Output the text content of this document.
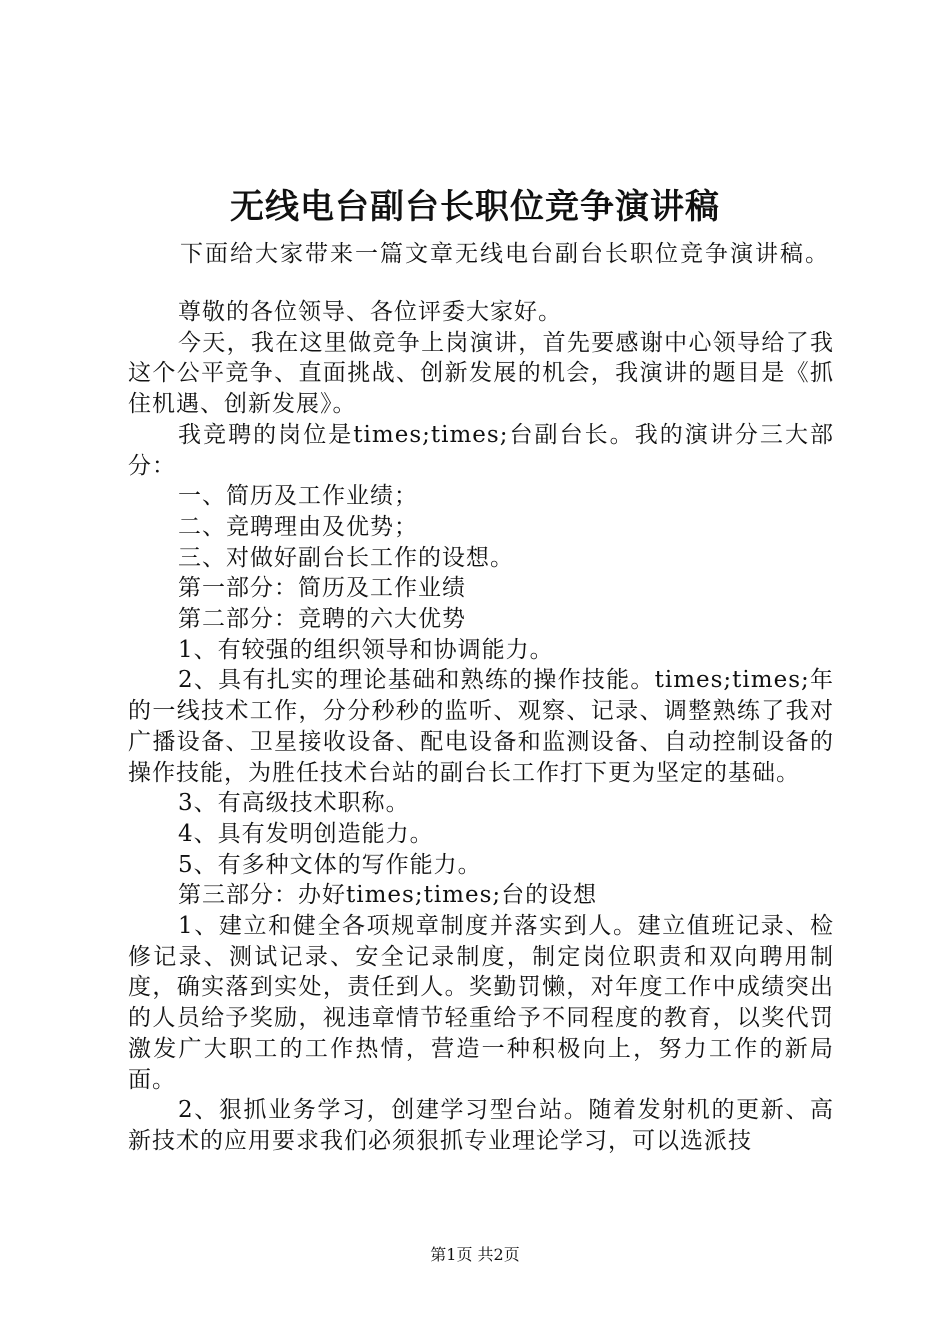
无线电台副台长职位竞争演讲稿
下面给大家带来一篇文章无线电台副台长职位竞争演讲稿。

尊敬的各位领导、各位评委大家好。

今天，我在这里做竞争上岗演讲，首先要感谢中心领导给了我这个公平竞争、直面挑战、创新发展的机会，我演讲的题目是《抓住机遇、创新发展》。

我竞聘的岗位是times;times;台副台长。我的演讲分三大部分：

一、简历及工作业绩；

二、竞聘理由及优势；

三、对做好副台长工作的设想。

第一部分：简历及工作业绩

第二部分：竞聘的六大优势

1、有较强的组织领导和协调能力。

2、具有扎实的理论基础和熟练的操作技能。times;times;年的一线技术工作，分分秒秒的监听、观察、记录、调整熟练了我对广播设备、卫星接收设备、配电设备和监测设备、自动控制设备的操作技能，为胜任技术台站的副台长工作打下更为坚定的基础。

3、有高级技术职称。

4、具有发明创造能力。

5、有多种文体的写作能力。

第三部分：办好times;times;台的设想

1、建立和健全各项规章制度并落实到人。建立值班记录、检修记录、测试记录、安全记录制度，制定岗位职责和双向聘用制度，确实落到实处，责任到人。奖勤罚懒，对年度工作中成绩突出的人员给予奖励，视违章情节轻重给予不同程度的教育，以奖代罚激发广大职工的工作热情，营造一种积极向上，努力工作的新局面。

2、狠抓业务学习，创建学习型台站。随着发射机的更新、高新技术的应用要求我们必须狠抓专业理论学习，可以选派技

第1页 共2页
